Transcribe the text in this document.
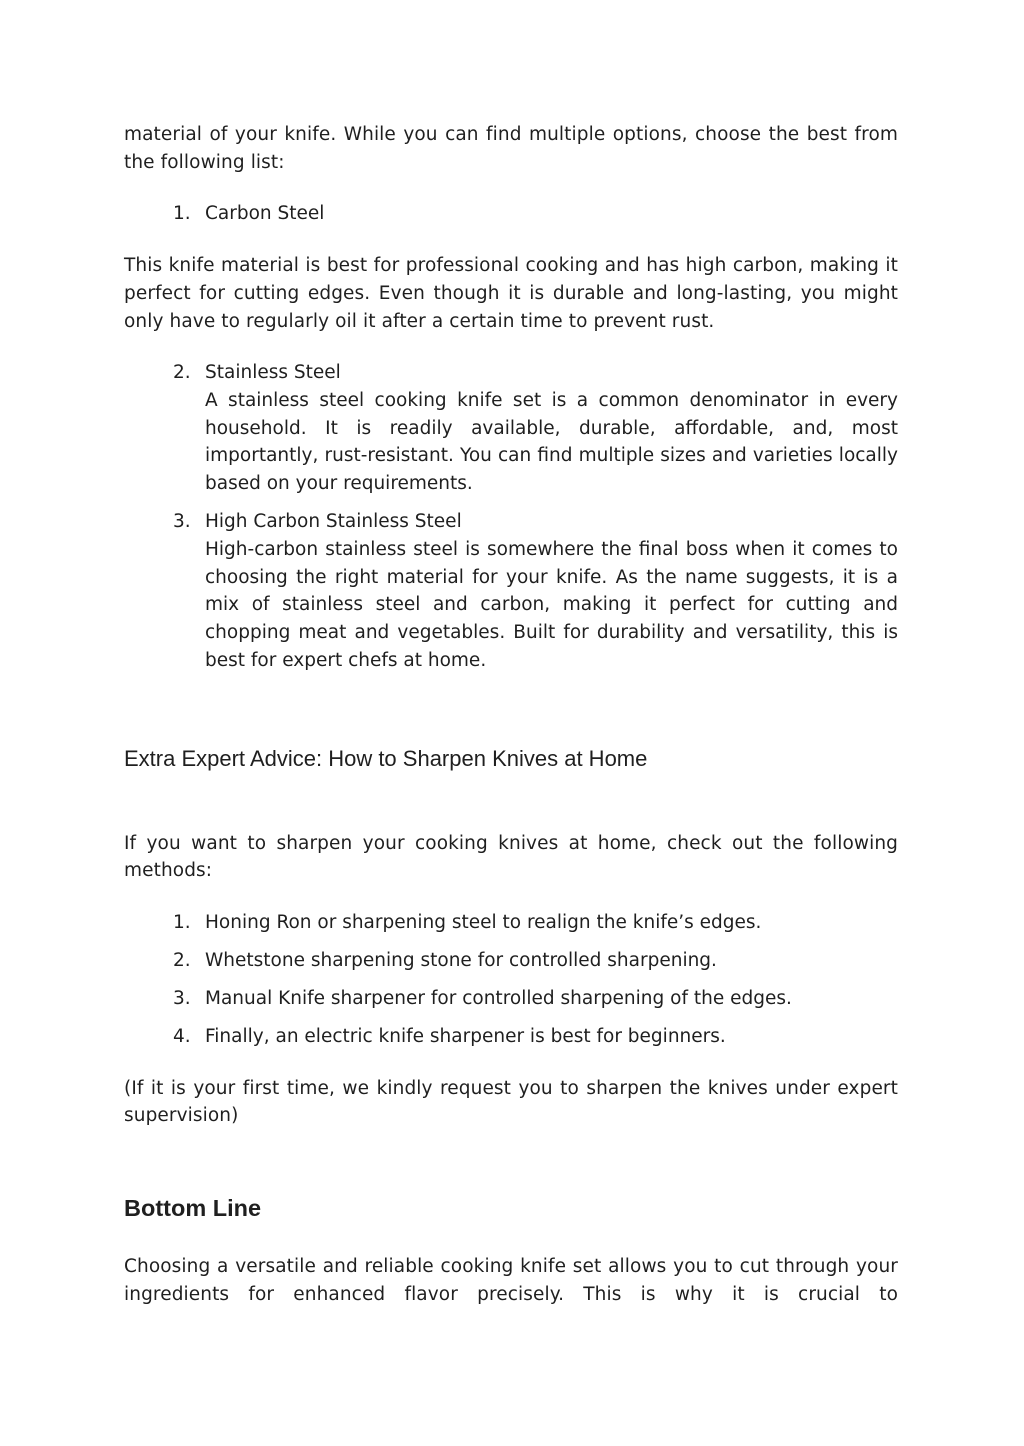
material of your knife. While you can find multiple options, choose the best from the following list:

1. Carbon Steel

This knife material is best for professional cooking and has high carbon, making it perfect for cutting edges. Even though it is durable and long-lasting, you might only have to regularly oil it after a certain time to prevent rust.

2. Stainless Steel
A stainless steel cooking knife set is a common denominator in every household. It is readily available, durable, affordable, and, most importantly, rust-resistant. You can find multiple sizes and varieties locally based on your requirements.
3. High Carbon Stainless Steel
High-carbon stainless steel is somewhere the final boss when it comes to choosing the right material for your knife. As the name suggests, it is a mix of stainless steel and carbon, making it perfect for cutting and chopping meat and vegetables. Built for durability and versatility, this is best for expert chefs at home.
Extra Expert Advice: How to Sharpen Knives at Home

If you want to sharpen your cooking knives at home, check out the following methods:

1. Honing Ron or sharpening steel to realign the knife’s edges.
2. Whetstone sharpening stone for controlled sharpening.
3. Manual Knife sharpener for controlled sharpening of the edges.
4. Finally, an electric knife sharpener is best for beginners.

(If it is your first time, we kindly request you to sharpen the knives under expert supervision)

Bottom Line

Choosing a versatile and reliable cooking knife set allows you to cut through your ingredients for enhanced flavor precisely. This is why it is crucial to
